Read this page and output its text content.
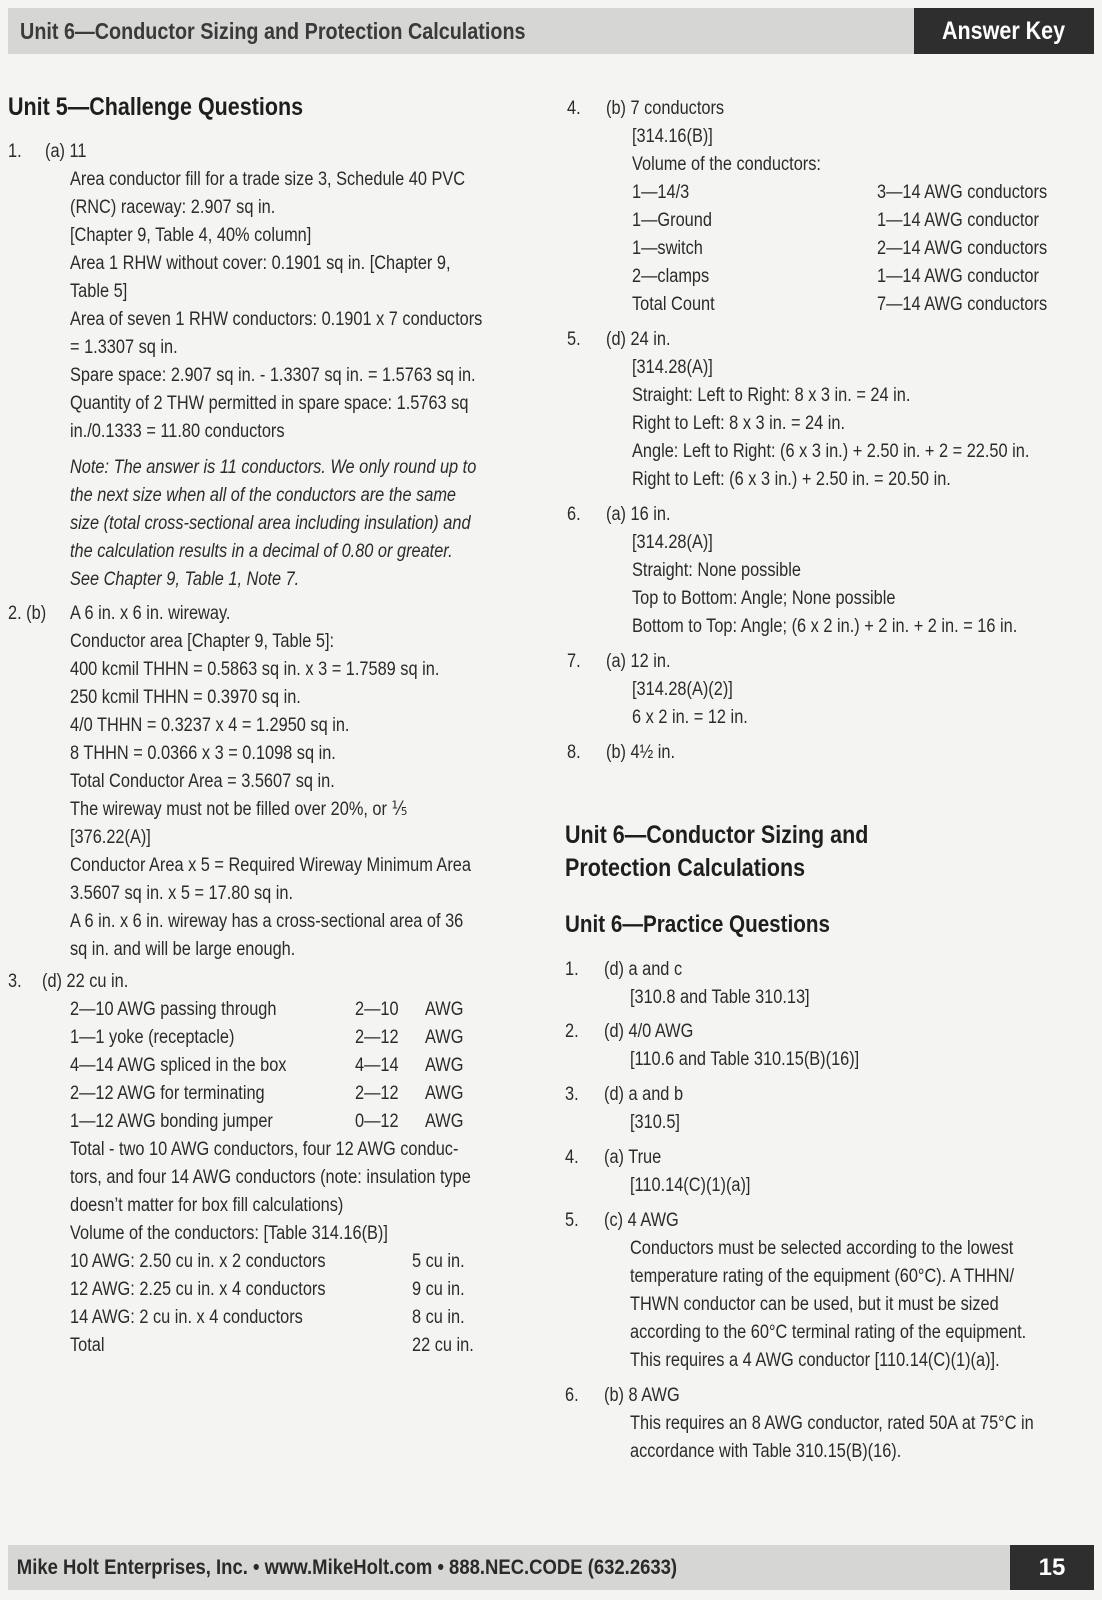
Unit 6—Conductor Sizing and Protection Calculations	Answer Key
Unit 5—Challenge Questions
1. (a) 11
Area conductor fill for a trade size 3, Schedule 40 PVC
(RNC) raceway: 2.907 sq in.
[Chapter 9, Table 4, 40% column]
Area 1 RHW without cover: 0.1901 sq in. [Chapter 9,
Table 5]
Area of seven 1 RHW conductors: 0.1901 x 7 conductors
= 1.3307 sq in.
Spare space: 2.907 sq in. - 1.3307 sq in. = 1.5763 sq in.
Quantity of 2 THW permitted in spare space: 1.5763 sq
in./0.1333 = 11.80 conductors
Note: The answer is 11 conductors. We only round up to
the next size when all of the conductors are the same
size (total cross-sectional area including insulation) and
the calculation results in a decimal of 0.80 or greater.
See Chapter 9, Table 1, Note 7.
2. (b) A 6 in. x 6 in. wireway.
Conductor area [Chapter 9, Table 5]:
400 kcmil THHN = 0.5863 sq in. x 3 = 1.7589 sq in.
250 kcmil THHN = 0.3970 sq in.
4/0 THHN = 0.3237 x 4 = 1.2950 sq in.
8 THHN = 0.0366 x 3 = 0.1098 sq in.
Total Conductor Area = 3.5607 sq in.
The wireway must not be filled over 20%, or ⅕
[376.22(A)]
Conductor Area x 5 = Required Wireway Minimum Area
3.5607 sq in. x 5 = 17.80 sq in.
A 6 in. x 6 in. wireway has a cross-sectional area of 36
sq in. and will be large enough.
3. (d) 22 cu in.
2—10 AWG passing through	2—10 AWG
1—1 yoke (receptacle)	2—12 AWG
4—14 AWG spliced in the box	4—14 AWG
2—12 AWG for terminating	2—12 AWG
1—12 AWG bonding jumper	0—12 AWG
Total - two 10 AWG conductors, four 12 AWG conduc-
tors, and four 14 AWG conductors (note: insulation type
doesn’t matter for box fill calculations)
Volume of the conductors: [Table 314.16(B)]
10 AWG: 2.50 cu in. x 2 conductors	5 cu in.
12 AWG: 2.25 cu in. x 4 conductors	9 cu in.
14 AWG: 2 cu in. x 4 conductors	8 cu in.
Total	22 cu in.
Unit 6—Conductor Sizing and
Protection Calculations
Unit 6—Practice Questions
4. (b) 7 conductors
[314.16(B)]
Volume of the conductors:
1—14/3	3—14 AWG conductors
1—Ground	1—14 AWG conductor
1—switch	2—14 AWG conductors
2—clamps	1—14 AWG conductor
Total Count	7—14 AWG conductors
5. (d) 24 in.
[314.28(A)]
Straight: Left to Right: 8 x 3 in. = 24 in.
Right to Left: 8 x 3 in. = 24 in.
Angle: Left to Right: (6 x 3 in.) + 2.50 in. + 2 = 22.50 in.
Right to Left: (6 x 3 in.) + 2.50 in. = 20.50 in.
6. (a) 16 in.
[314.28(A)]
Straight: None possible
Top to Bottom: Angle; None possible
Bottom to Top: Angle; (6 x 2 in.) + 2 in. + 2 in. = 16 in.
7. (a) 12 in.
[314.28(A)(2)]
6 x 2 in. = 12 in.
8. (b) 4½ in.
1. (d) a and c
[310.8 and Table 310.13]
2. (d) 4/0 AWG
[110.6 and Table 310.15(B)(16)]
3. (d) a and b
[310.5]
4. (a) True
[110.14(C)(1)(a)]
5. (c) 4 AWG
Conductors must be selected according to the lowest
temperature rating of the equipment (60°C). A THHN/
THWN conductor can be used, but it must be sized
according to the 60°C terminal rating of the equipment.
This requires a 4 AWG conductor [110.14(C)(1)(a)].
6. (b) 8 AWG
This requires an 8 AWG conductor, rated 50A at 75°C in
accordance with Table 310.15(B)(16).
Mike Holt Enterprises, Inc. • www.MikeHolt.com • 888.NEC.CODE (632.2633)	15
